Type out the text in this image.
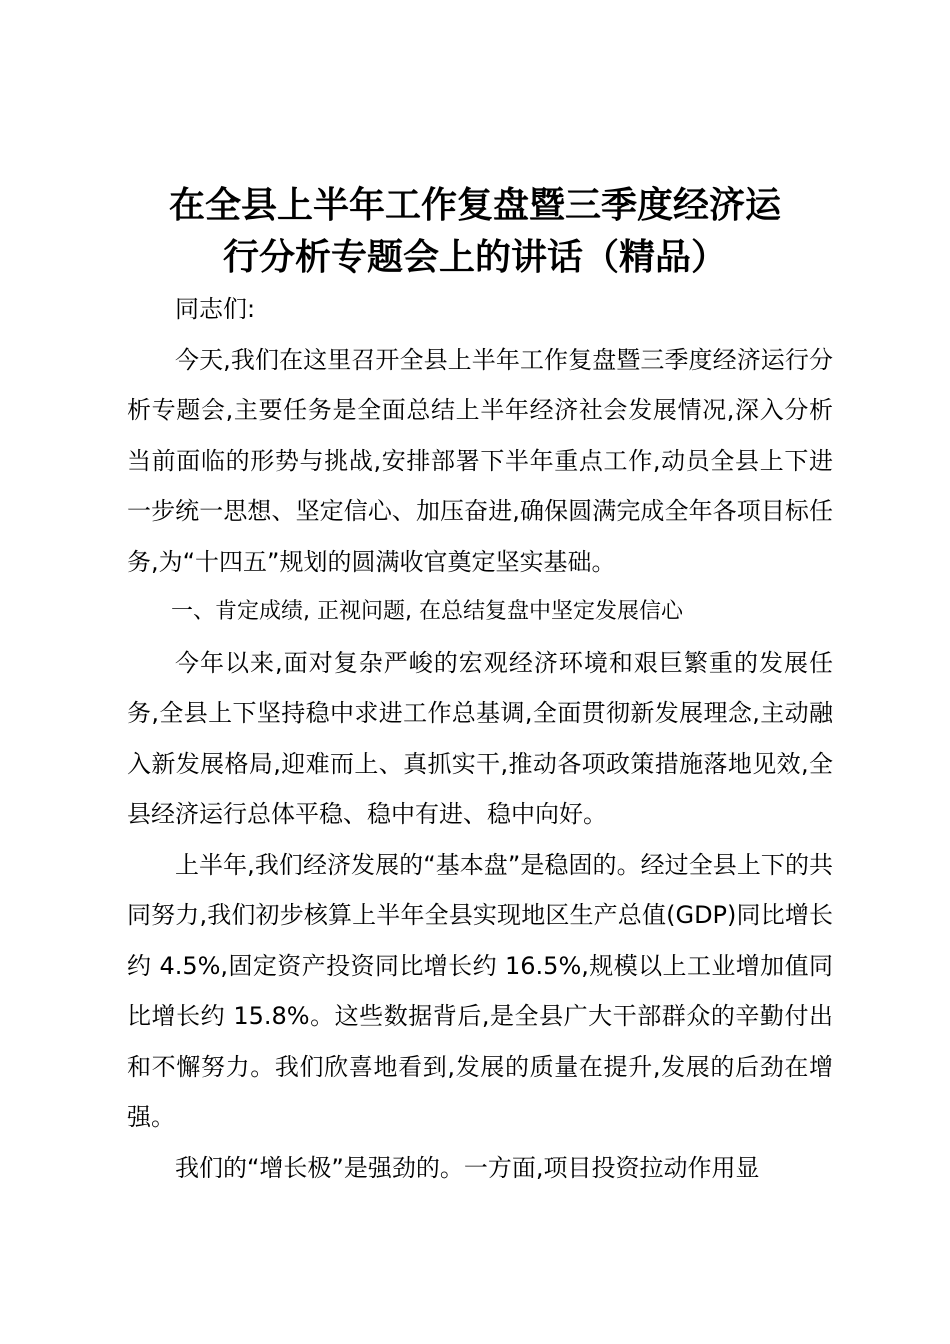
在全县上半年工作复盘暨三季度经济运
行分析专题会上的讲话（精品）

同志们:

今天,我们在这里召开全县上半年工作复盘暨三季度经济运行分析专题会,主要任务是全面总结上半年经济社会发展情况,深入分析当前面临的形势与挑战,安排部署下半年重点工作,动员全县上下进一步统一思想、坚定信心、加压奋进,确保圆满完成全年各项目标任务,为“十四五”规划的圆满收官奠定坚实基础。

一、肯定成绩, 正视问题, 在总结复盘中坚定发展信心

今年以来,面对复杂严峻的宏观经济环境和艰巨繁重的发展任务,全县上下坚持稳中求进工作总基调,全面贯彻新发展理念,主动融入新发展格局,迎难而上、真抓实干,推动各项政策措施落地见效,全县经济运行总体平稳、稳中有进、稳中向好。

上半年,我们经济发展的“基本盘”是稳固的。经过全县上下的共同努力,我们初步核算上半年全县实现地区生产总值(GDP)同比增长约 4.5%,固定资产投资同比增长约 16.5%,规模以上工业增加值同比增长约 15.8%。这些数据背后,是全县广大干部群众的辛勤付出和不懈努力。我们欣喜地看到,发展的质量在提升,发展的后劲在增强。

我们的“增长极”是强劲的。一方面,项目投资拉动作用显
